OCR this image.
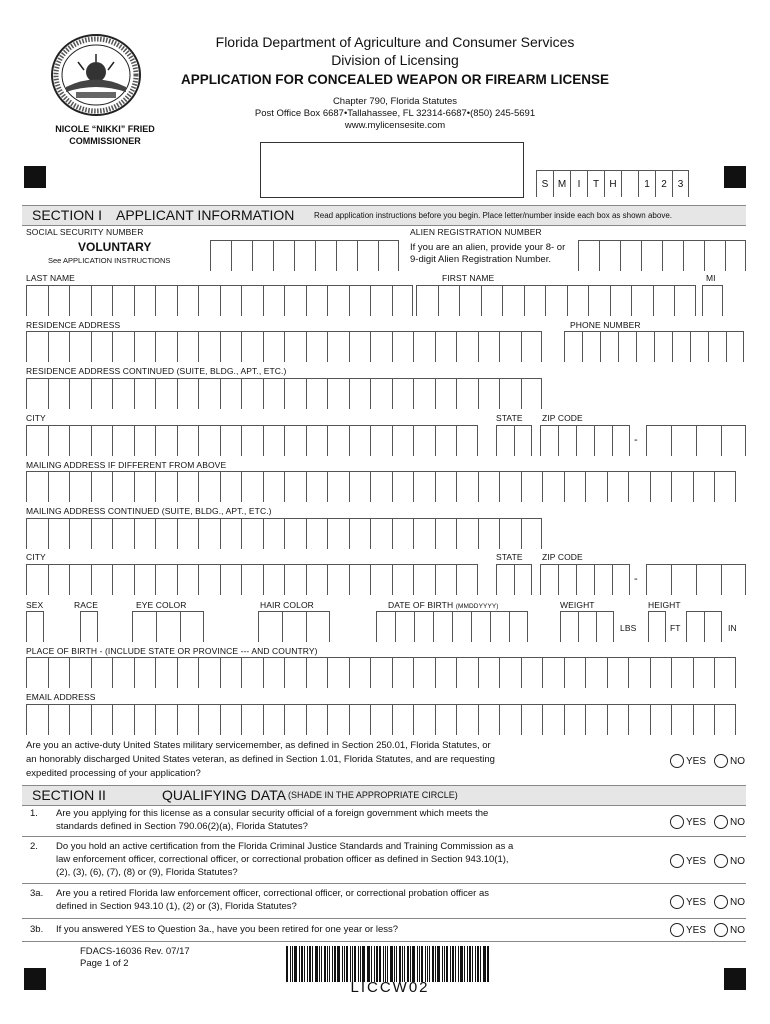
Florida Department of Agriculture and Consumer Services
Division of Licensing
APPLICATION FOR CONCEALED WEAPON OR FIREARM LICENSE
Chapter 790, Florida Statutes
Post Office Box 6687•Tallahassee, FL 32314-6687•(850) 245-5691
www.mylicensesite.com
NICOLE “NIKKI” FRIED
COMMISSIONER
S M	I	T	H	1	2	3
SECTION I APPLICANT INFORMATION Read application instructions before you begin. Place letter/number inside each box as shown above.
SOCIAL SECURITY NUMBER
VOLUNTARY
See APPLICATION INSTRUCTIONS
ALIEN REGISTRATION NUMBER
If you are an alien, provide your 8- or
9-digit Alien Registration Number.
LAST NAME	FIRST NAME	MI
RESIDENCE ADDRESS	PHONE NUMBER
RESIDENCE ADDRESS CONTINUED (SUITE, BLDG., APT., ETC.)
CITY	STATE ZIP CODE
-
MAILING ADDRESS IF DIFFERENT FROM ABOVE
MAILING ADDRESS CONTINUED (SUITE, BLDG., APT., ETC.)
CITY	STATE ZIP CODE
-
SEX	RACE	EYE COLOR	HAIR COLOR	DATE OF BIRTH (MMDDYYYY)	WEIGHT	HEIGHT
LBS	FT	IN
PLACE OF BIRTH - (INCLUDE STATE OR PROVINCE --- AND COUNTRY)
EMAIL ADDRESS
Are you an active-duty United States military servicemember, as defined in Section 250.01, Florida Statutes, or
an honorably discharged United States veteran, as defined in Section 1.01, Florida Statutes, and are requesting
expedited processing of your application?
YES NO
SECTION II	QUALIFYING DATA (SHADE IN THE APPROPRIATE CIRCLE)
1. Are you applying for this license as a consular security official of a foreign government which meets the
standards defined in Section 790.06(2)(a), Florida Statutes?	YES NO
2. Do you hold an active certification from the Florida Criminal Justice Standards and Training Commission as a
law enforcement officer, correctional officer, or correctional probation officer as defined in Section 943.10(1),
(2), (3), (6), (7), (8) or (9), Florida Statutes?
YES NO
3a. Are you a retired Florida law enforcement officer, correctional officer, or correctional probation officer as
defined in Section 943.10 (1), (2) or (3), Florida Statutes?	YES NO
3b. If you answered YES to Question 3a., have you been retired for one year or less?	YES NO
FDACS-16036 Rev. 07/17
Page 1 of 2
LICCW02
